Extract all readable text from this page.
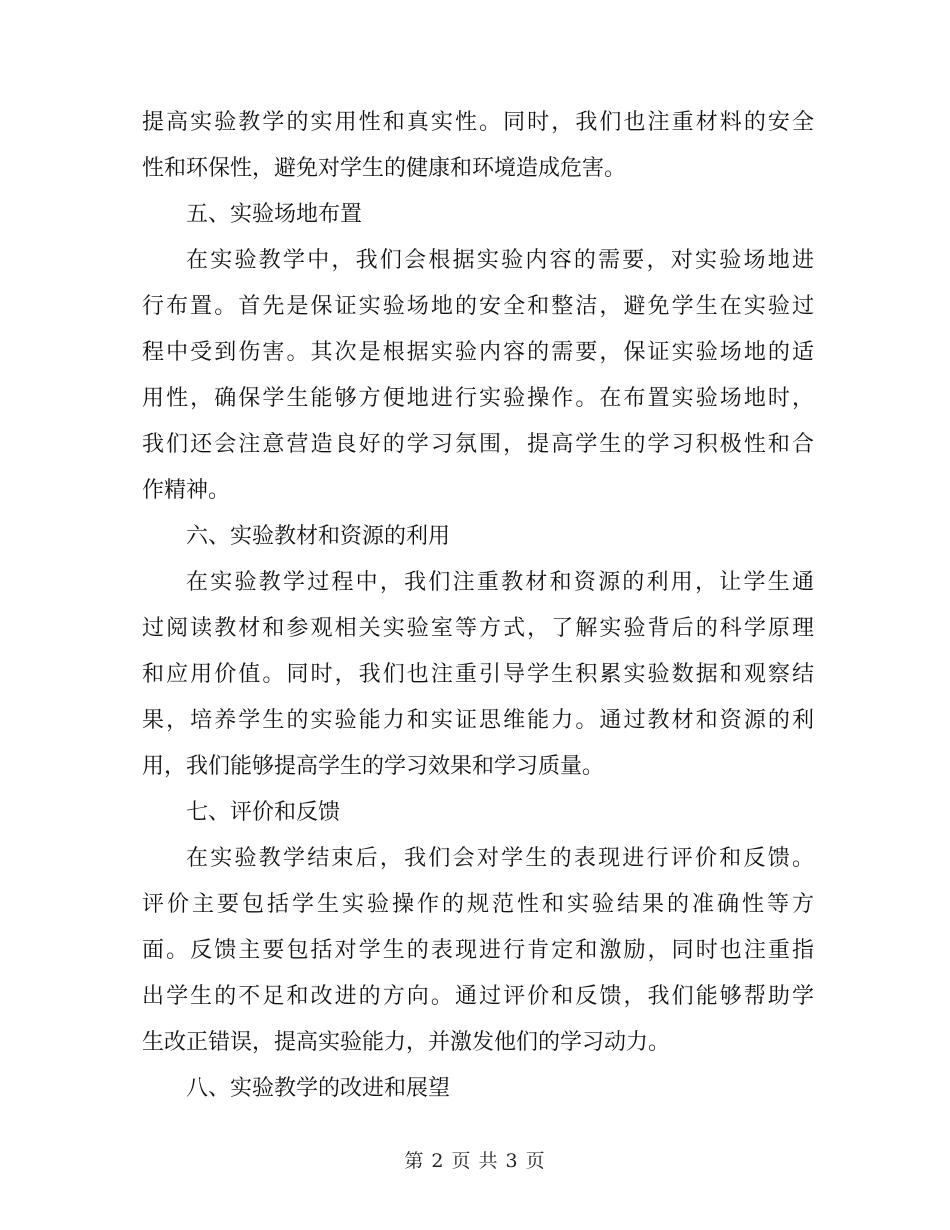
提高实验教学的实用性和真实性。同时，我们也注重材料的安全
性和环保性，避免对学生的健康和环境造成危害。
五、实验场地布置
在实验教学中，我们会根据实验内容的需要，对实验场地进
行布置。首先是保证实验场地的安全和整洁，避免学生在实验过
程中受到伤害。其次是根据实验内容的需要，保证实验场地的适
用性，确保学生能够方便地进行实验操作。在布置实验场地时，
我们还会注意营造良好的学习氛围，提高学生的学习积极性和合
作精神。
六、实验教材和资源的利用
在实验教学过程中，我们注重教材和资源的利用，让学生通
过阅读教材和参观相关实验室等方式，了解实验背后的科学原理
和应用价值。同时，我们也注重引导学生积累实验数据和观察结
果，培养学生的实验能力和实证思维能力。通过教材和资源的利
用，我们能够提高学生的学习效果和学习质量。
七、评价和反馈
在实验教学结束后，我们会对学生的表现进行评价和反馈。
评价主要包括学生实验操作的规范性和实验结果的准确性等方
面。反馈主要包括对学生的表现进行肯定和激励，同时也注重指
出学生的不足和改进的方向。通过评价和反馈，我们能够帮助学
生改正错误，提高实验能力，并激发他们的学习动力。
八、实验教学的改进和展望
第 2 页 共 3 页
